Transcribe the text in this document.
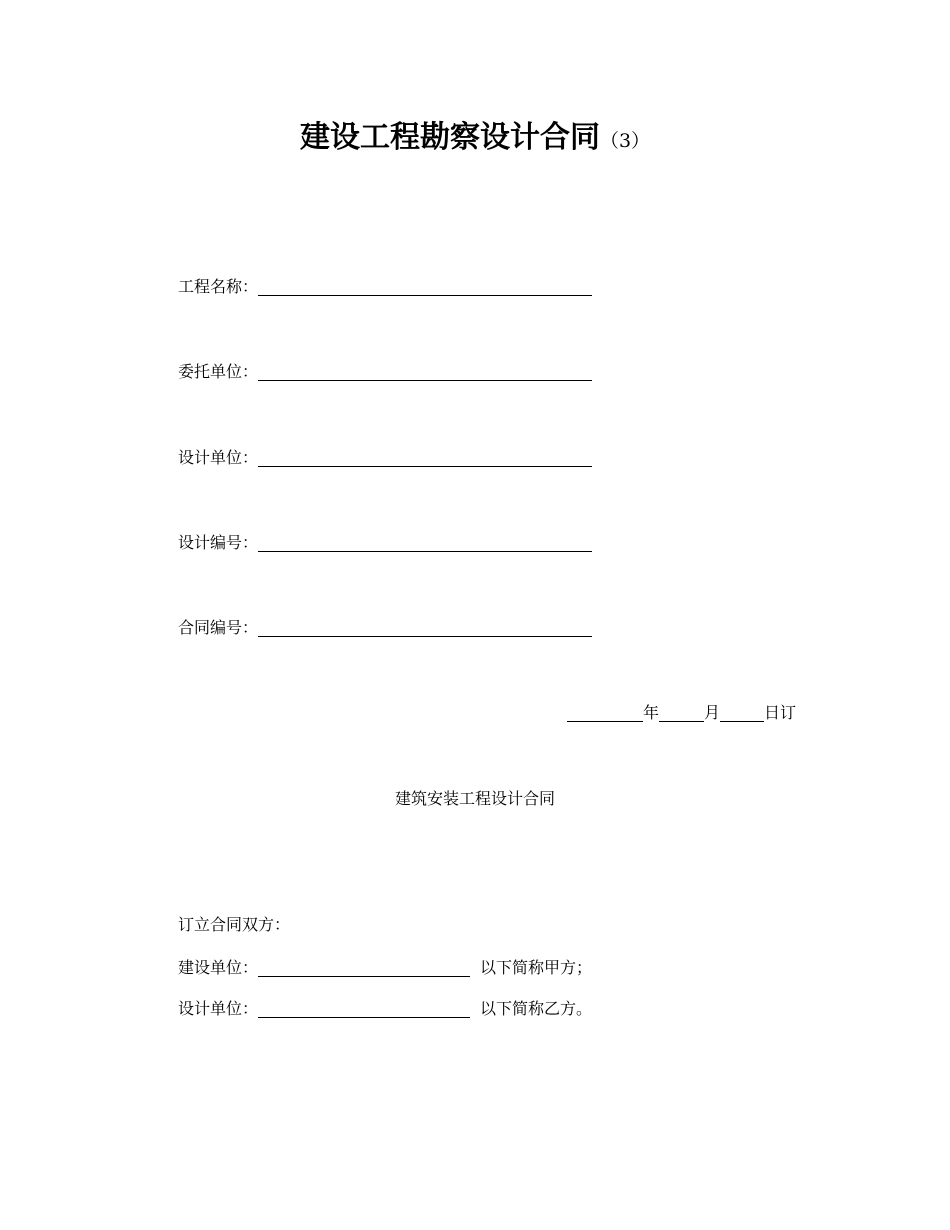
建设工程勘察设计合同（3）
工程名称：
委托单位：
设计单位：
设计编号：
合同编号：
年	月	日订
建筑安装工程设计合同
订立合同双方：
建设单位：	以下简称甲方；
设计单位：	以下简称乙方。
